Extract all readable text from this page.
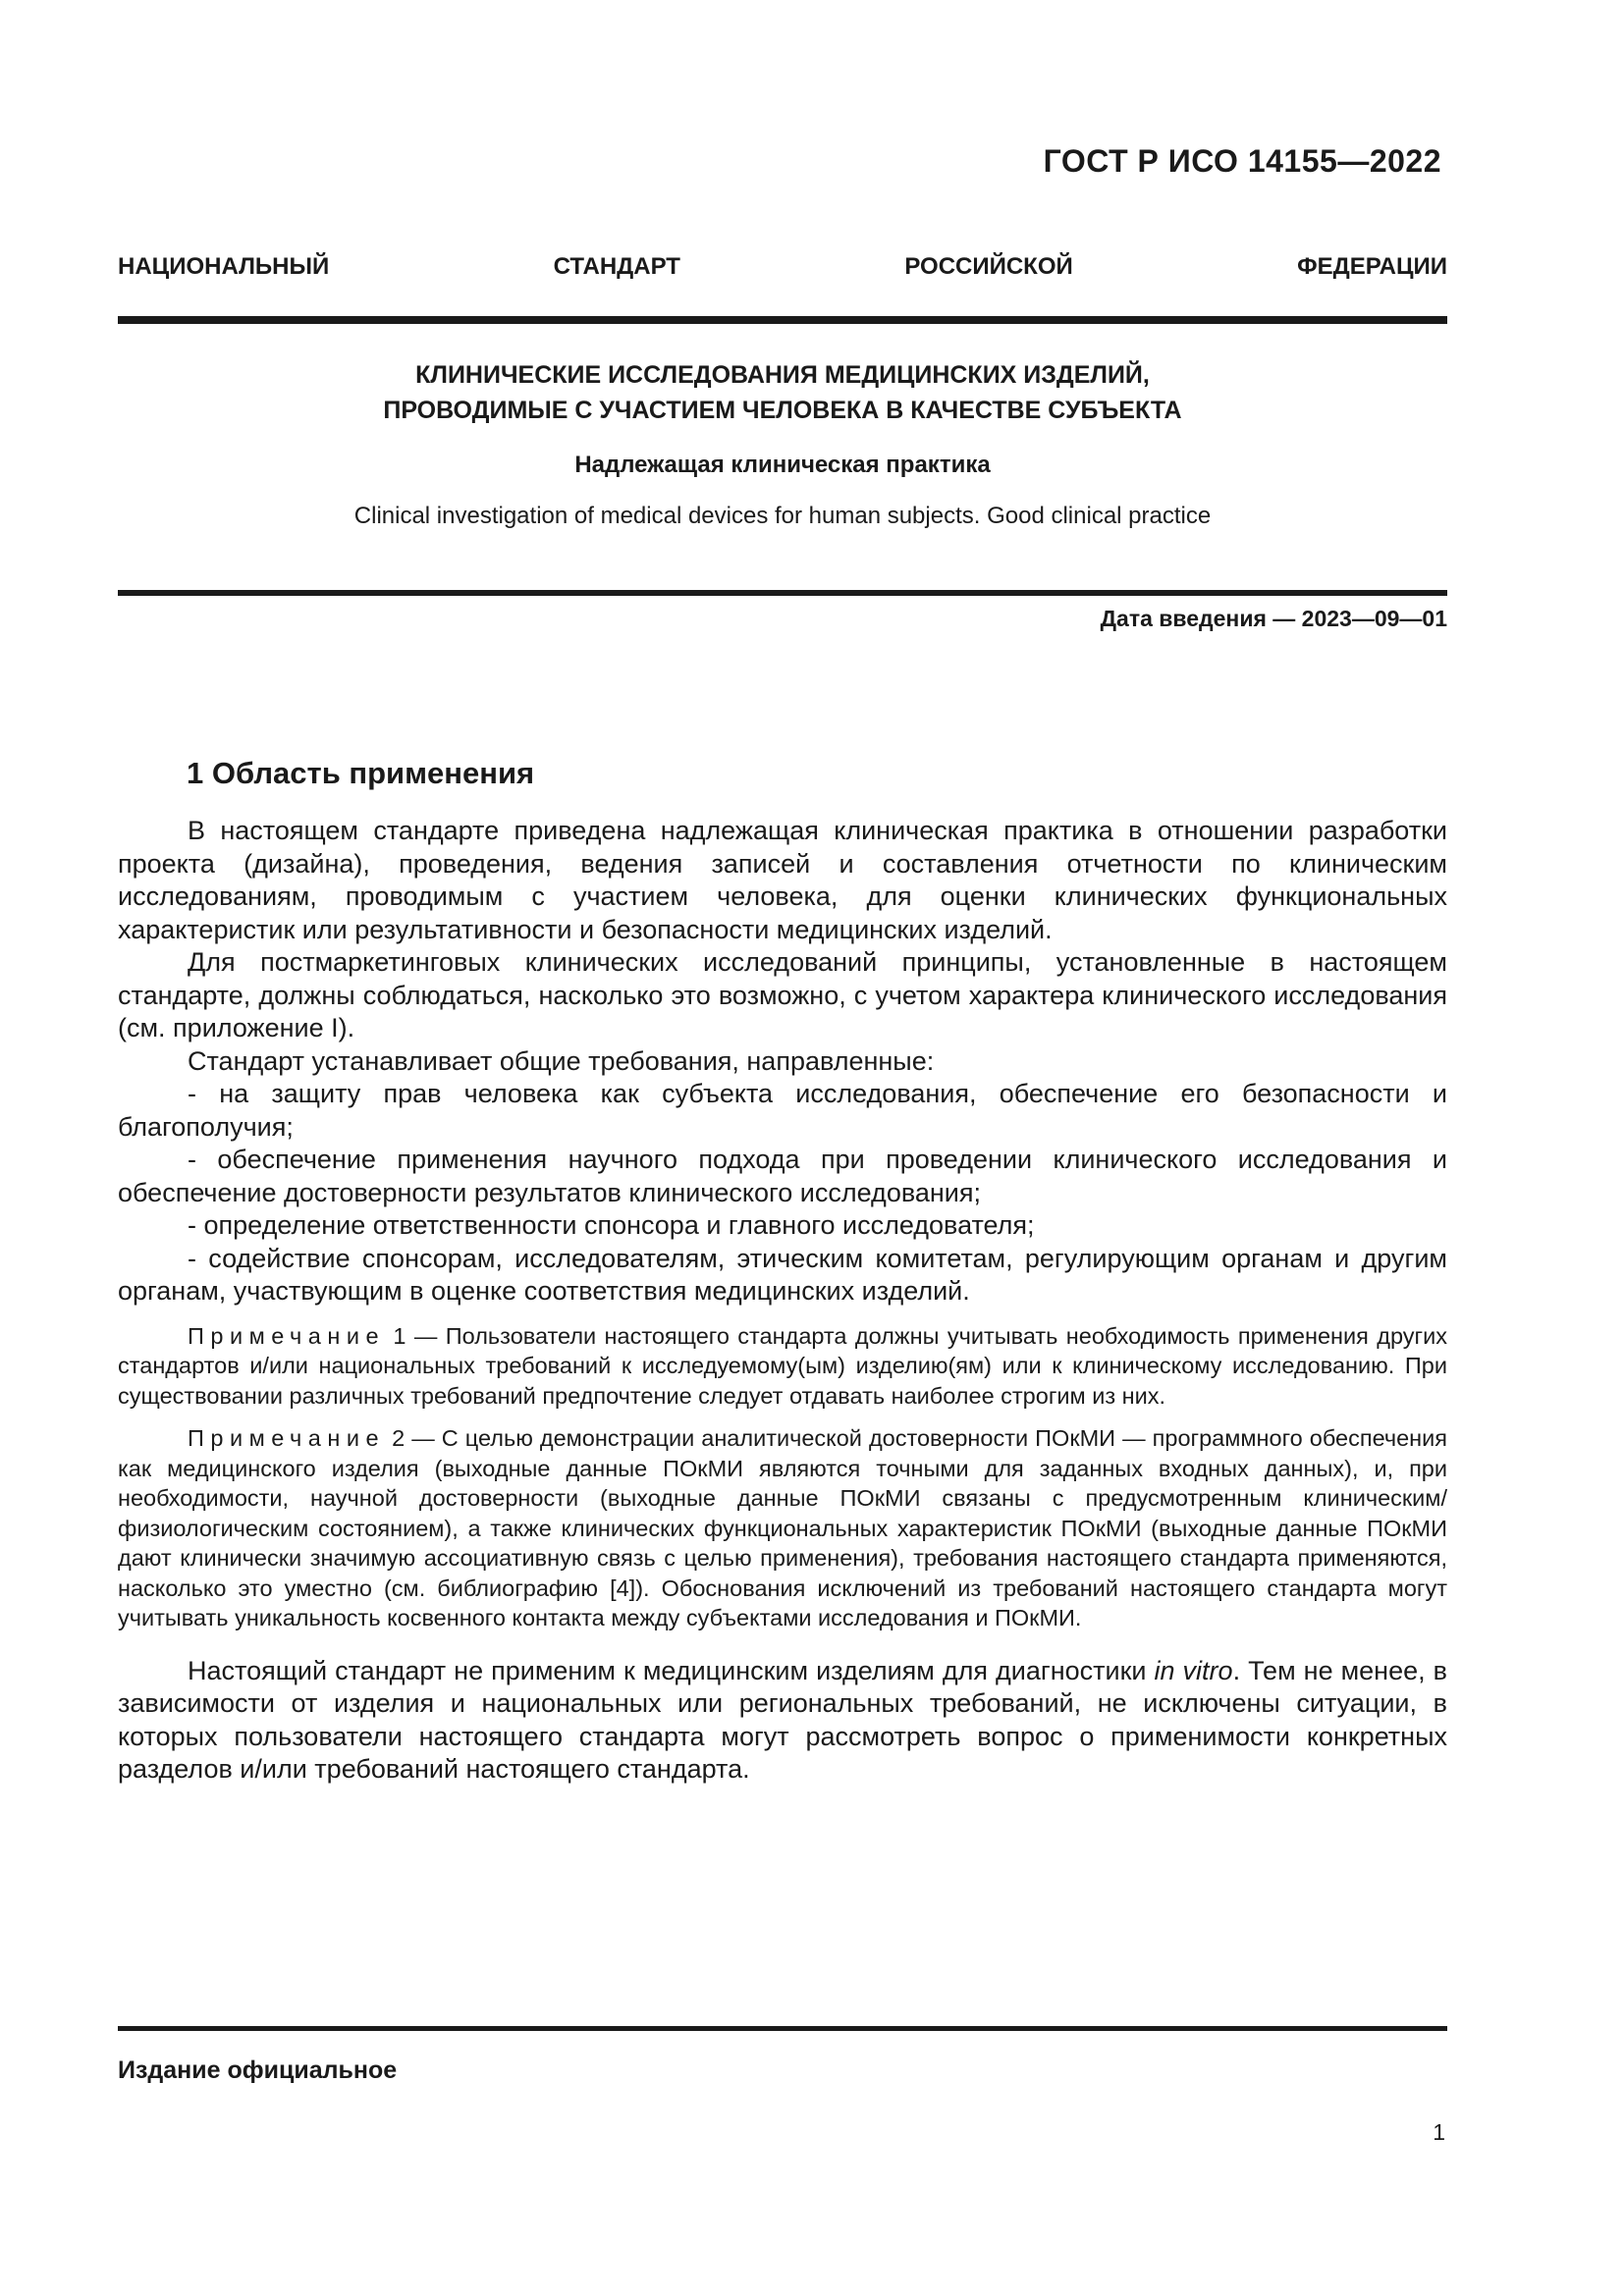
ГОСТ Р ИСО 14155—2022
НАЦИОНАЛЬНЫЙ СТАНДАРТ РОССИЙСКОЙ ФЕДЕРАЦИИ
КЛИНИЧЕСКИЕ ИССЛЕДОВАНИЯ МЕДИЦИНСКИХ ИЗДЕЛИЙ,
ПРОВОДИМЫЕ С УЧАСТИЕМ ЧЕЛОВЕКА В КАЧЕСТВЕ СУБЪЕКТА
Надлежащая клиническая практика
Clinical investigation of medical devices for human subjects. Good clinical practice
Дата введения — 2023—09—01
1 Область применения

В настоящем стандарте приведена надлежащая клиническая практика в отношении разработки проекта (дизайна), проведения, ведения записей и составления отчетности по клиническим исследованиям, проводимым с участием человека, для оценки клинических функциональных характеристик или результативности и безопасности медицинских изделий.

Для постмаркетинговых клинических исследований принципы, установленные в настоящем стандарте, должны соблюдаться, насколько это возможно, с учетом характера клинического исследования (см. приложение I).

Стандарт устанавливает общие требования, направленные:

- на защиту прав человека как субъекта исследования, обеспечение его безопасности и благополучия;

- обеспечение применения научного подхода при проведении клинического исследования и обеспечение достоверности результатов клинического исследования;

- определение ответственности спонсора и главного исследователя;

- содействие спонсорам, исследователям, этическим комитетам, регулирующим органам и другим органам, участвующим в оценке соответствия медицинских изделий.

Примечание 1 — Пользователи настоящего стандарта должны учитывать необходимость применения других стандартов и/или национальных требований к исследуемому(ым) изделию(ям) или к клиническому исследованию. При существовании различных требований предпочтение следует отдавать наиболее строгим из них.

Примечание 2 — С целью демонстрации аналитической достоверности ПОкМИ — программного обеспечения как медицинского изделия (выходные данные ПОкМИ являются точными для заданных входных данных), и, при необходимости, научной достоверности (выходные данные ПОкМИ связаны с предусмотренным клиническим/физиологическим состоянием), а также клинических функциональных характеристик ПОкМИ (выходные данные ПОкМИ дают клинически значимую ассоциативную связь с целью применения), требования настоящего стандарта применяются, насколько это уместно (см. библиографию [4]). Обоснования исключений из требований настоящего стандарта могут учитывать уникальность косвенного контакта между субъектами исследования и ПОкМИ.

Настоящий стандарт не применим к медицинским изделиям для диагностики in vitro. Тем не менее, в зависимости от изделия и национальных или региональных требований, не исключены ситуации, в которых пользователи настоящего стандарта могут рассмотреть вопрос о применимости конкретных разделов и/или требований настоящего стандарта.

Издание официальное
1
